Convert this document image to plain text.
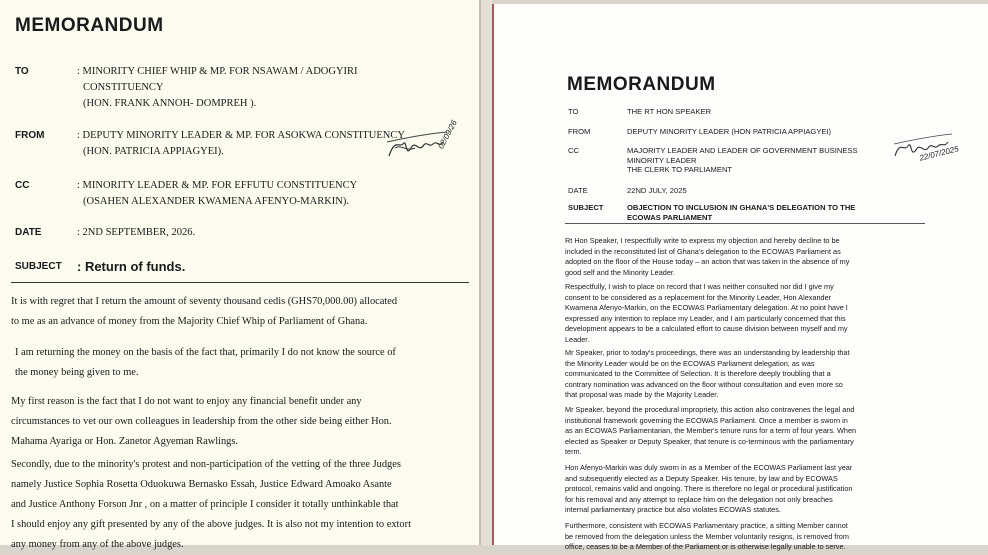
MEMORANDUM
TO	: MINORITY CHIEF WHIP & MP. FOR NSAWAM / ADOGYIRI
CONSTITUENCY
(HON. FRANK ANNOH- DOMPREH ).
FROM	: DEPUTY MINORITY LEADER & MP. FOR ASOKWA CONSTITUENCY
(HON. PATRICIA APPIAGYEI).
CC	: MINORITY LEADER & MP. FOR EFFUTU CONSTITUENCY
(OSAHEN ALEXANDER KWAMENA AFENYO-MARKIN).
DATE	: 2ND SEPTEMBER, 2026.
SUBJECT : Return of funds.
It is with regret that I return the amount of seventy thousand cedis (GHS70,000.00) allocated
to me as an advance of money from the Majority Chief Whip of Parliament of Ghana.
I am returning the money on the basis of the fact that, primarily I do not know the source of
the money being given to me.
My first reason is the fact that I do not want to enjoy any financial benefit under any
circumstances to vet our own colleagues in leadership from the other side being either Hon.
Mahama Ayariga or Hon. Zanetor Agyeman Rawlings.
Secondly, due to the minority's protest and non-participation of the vetting of the three Judges
namely Justice Sophia Rosetta Oduokuwa Bernasko Essah, Justice Edward Amoako Asante
and Justice Anthony Forson Jnr , on a matter of principle I consider it totally unthinkable that
I should enjoy any gift presented by any of the above judges. It is also not my intention to extort
any money from any of the above judges.
02/09/26
MEMORANDUM
TO	THE RT HON SPEAKER
FROM	DEPUTY MINORITY LEADER (HON PATRICIA APPIAGYEI)
CC	MAJORITY LEADER AND LEADER OF GOVERNMENT BUSINESS
MINORITY LEADER
THE CLERK TO PARLIAMENT
DATE	22ND JULY, 2025
SUBJECT	OBJECTION TO INCLUSION IN GHANA'S DELEGATION TO THE
ECOWAS PARLIAMENT
Rt Hon Speaker, I respectfully write to express my objection and hereby decline to be
included in the reconstituted list of Ghana's delegation to the ECOWAS Parliament as
adopted on the floor of the House today – an action that was taken in the absence of my
good self and the Minority Leader.
Respectfully, I wish to place on record that I was neither consulted nor did I give my
consent to be considered as a replacement for the Minority Leader, Hon Alexander
Kwamena Afenyo-Markin, on the ECOWAS Parliamentary delegation. At no point have I
expressed any intention to replace my Leader, and I am particularly concerned that this
development appears to be a calculated effort to cause division between myself and my
Leader.
Mr Speaker, prior to today's proceedings, there was an understanding by leadership that
the Minority Leader would be on the ECOWAS Parliament delegation, as was
communicated to the Committee of Selection. It is therefore deeply troubling that a
contrary nomination was advanced on the floor without consultation and even more so
that proposal was made by the Majority Leader.
Mr Speaker, beyond the procedural impropriety, this action also contravenes the legal and
institutional framework governing the ECOWAS Parliament. Once a member is sworn in
as an ECOWAS Parliamentarian, the Member's tenure runs for a term of four years. When
elected as Speaker or Deputy Speaker, that tenure is co-terminous with the parliamentary
term.
Hon Afenyo-Markin was duly sworn in as a Member of the ECOWAS Parliament last year
and subsequently elected as a Deputy Speaker. His tenure, by law and by ECOWAS
protocol, remains valid and ongoing. There is therefore no legal or procedural justification
for his removal and any attempt to replace him on the delegation not only breaches
internal parliamentary practice but also violates ECOWAS statutes.
Furthermore, consistent with ECOWAS Parliamentary practice, a sitting Member cannot
be removed from the delegation unless the Member voluntarily resigns, is removed from
office, ceases to be a Member of the Parliament or is otherwise legally unable to serve.
22/07/2025
